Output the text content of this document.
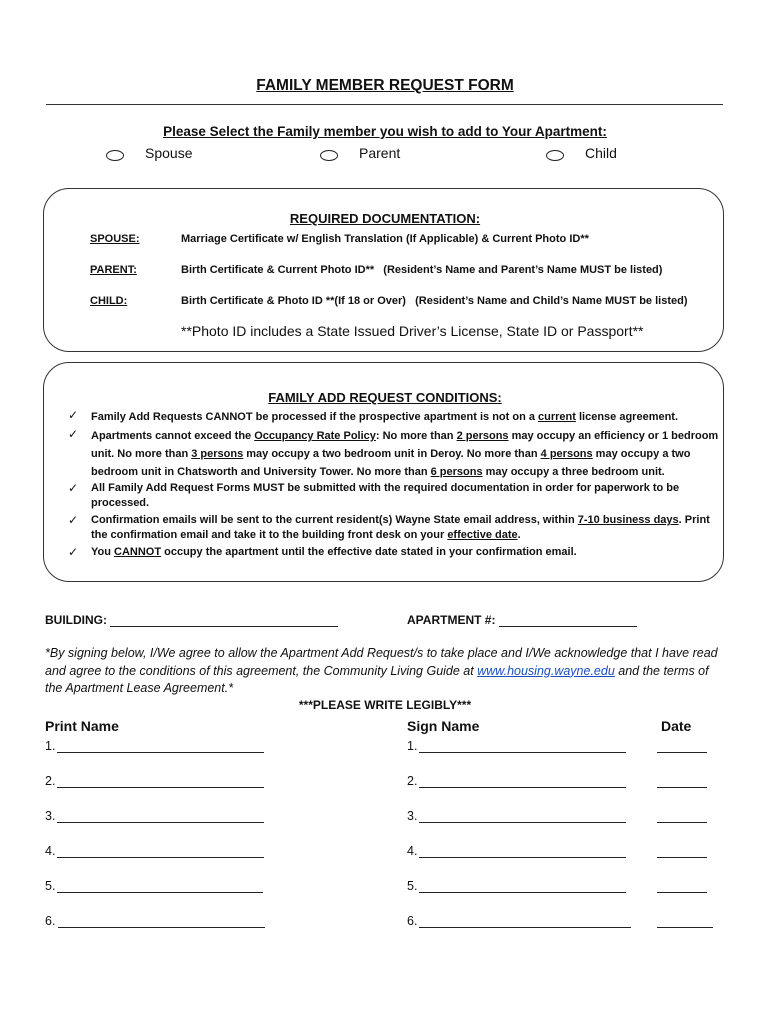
FAMILY MEMBER REQUEST FORM
Please Select the Family member you wish to add to Your Apartment:
Spouse	Parent	Child
REQUIRED DOCUMENTATION:
SPOUSE:	Marriage Certificate w/ English Translation (If Applicable) & Current Photo ID**
PARENT:	Birth Certificate & Current Photo ID**   (Resident’s Name and Parent’s Name MUST be listed)
CHILD:	Birth Certificate & Photo ID **(If 18 or Over)   (Resident’s Name and Child’s Name MUST be listed)
**Photo ID includes a State Issued Driver’s License, State ID or Passport**
FAMILY ADD REQUEST CONDITIONS:
✓ Family Add Requests CANNOT be processed if the prospective apartment is not on a current license agreement.
✓ Apartments cannot exceed the Occupancy Rate Policy: No more than 2 persons may occupy an efficiency or 1 bedroom unit. No more than 3 persons may occupy a two bedroom unit in Deroy. No more than 4 persons may occupy a two bedroom unit in Chatsworth and University Tower. No more than 6 persons may occupy a three bedroom unit.
✓ All Family Add Request Forms MUST be submitted with the required documentation in order for paperwork to be processed.
✓ Confirmation emails will be sent to the current resident(s) Wayne State email address, within 7-10 business days. Print the confirmation email and take it to the building front desk on your effective date.
✓ You CANNOT occupy the apartment until the effective date stated in your confirmation email.
BUILDING:	APARTMENT #:
*By signing below, I/We agree to allow the Apartment Add Request/s to take place and I/We acknowledge that I have read and agree to the conditions of this agreement, the Community Living Guide at www.housing.wayne.edu and the terms of the Apartment Lease Agreement.*
***PLEASE WRITE LEGIBLY***
Print Name	Sign Name	Date
1.	1.
2.	2.
3.	3.
4.	4.
5.	5.
6.	6.
